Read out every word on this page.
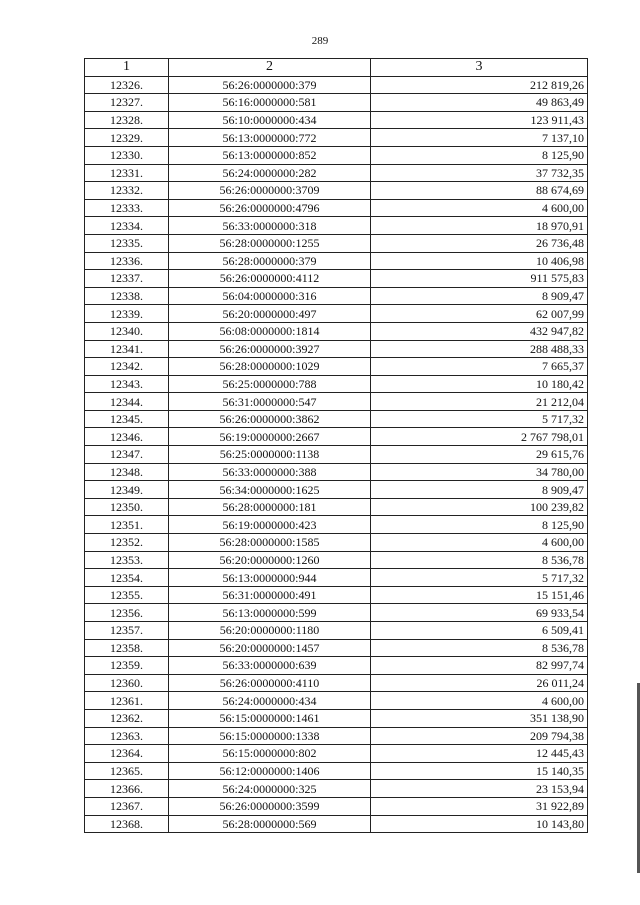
289
1	2	3
12326.	56:26:0000000:379	212 819,26
12327.	56:16:0000000:581	49 863,49
12328.	56:10:0000000:434	123 911,43
12329.	56:13:0000000:772	7 137,10
12330.	56:13:0000000:852	8 125,90
12331.	56:24:0000000:282	37 732,35
12332.	56:26:0000000:3709	88 674,69
12333.	56:26:0000000:4796	4 600,00
12334.	56:33:0000000:318	18 970,91
12335.	56:28:0000000:1255	26 736,48
12336.	56:28:0000000:379	10 406,98
12337.	56:26:0000000:4112	911 575,83
12338.	56:04:0000000:316	8 909,47
12339.	56:20:0000000:497	62 007,99
12340.	56:08:0000000:1814	432 947,82
12341.	56:26:0000000:3927	288 488,33
12342.	56:28:0000000:1029	7 665,37
12343.	56:25:0000000:788	10 180,42
12344.	56:31:0000000:547	21 212,04
12345.	56:26:0000000:3862	5 717,32
12346.	56:19:0000000:2667	2 767 798,01
12347.	56:25:0000000:1138	29 615,76
12348.	56:33:0000000:388	34 780,00
12349.	56:34:0000000:1625	8 909,47
12350.	56:28:0000000:181	100 239,82
12351.	56:19:0000000:423	8 125,90
12352.	56:28:0000000:1585	4 600,00
12353.	56:20:0000000:1260	8 536,78
12354.	56:13:0000000:944	5 717,32
12355.	56:31:0000000:491	15 151,46
12356.	56:13:0000000:599	69 933,54
12357.	56:20:0000000:1180	6 509,41
12358.	56:20:0000000:1457	8 536,78
12359.	56:33:0000000:639	82 997,74
12360.	56:26:0000000:4110	26 011,24
12361.	56:24:0000000:434	4 600,00
12362.	56:15:0000000:1461	351 138,90
12363.	56:15:0000000:1338	209 794,38
12364.	56:15:0000000:802	12 445,43
12365.	56:12:0000000:1406	15 140,35
12366.	56:24:0000000:325	23 153,94
12367.	56:26:0000000:3599	31 922,89
12368.	56:28:0000000:569	10 143,80
